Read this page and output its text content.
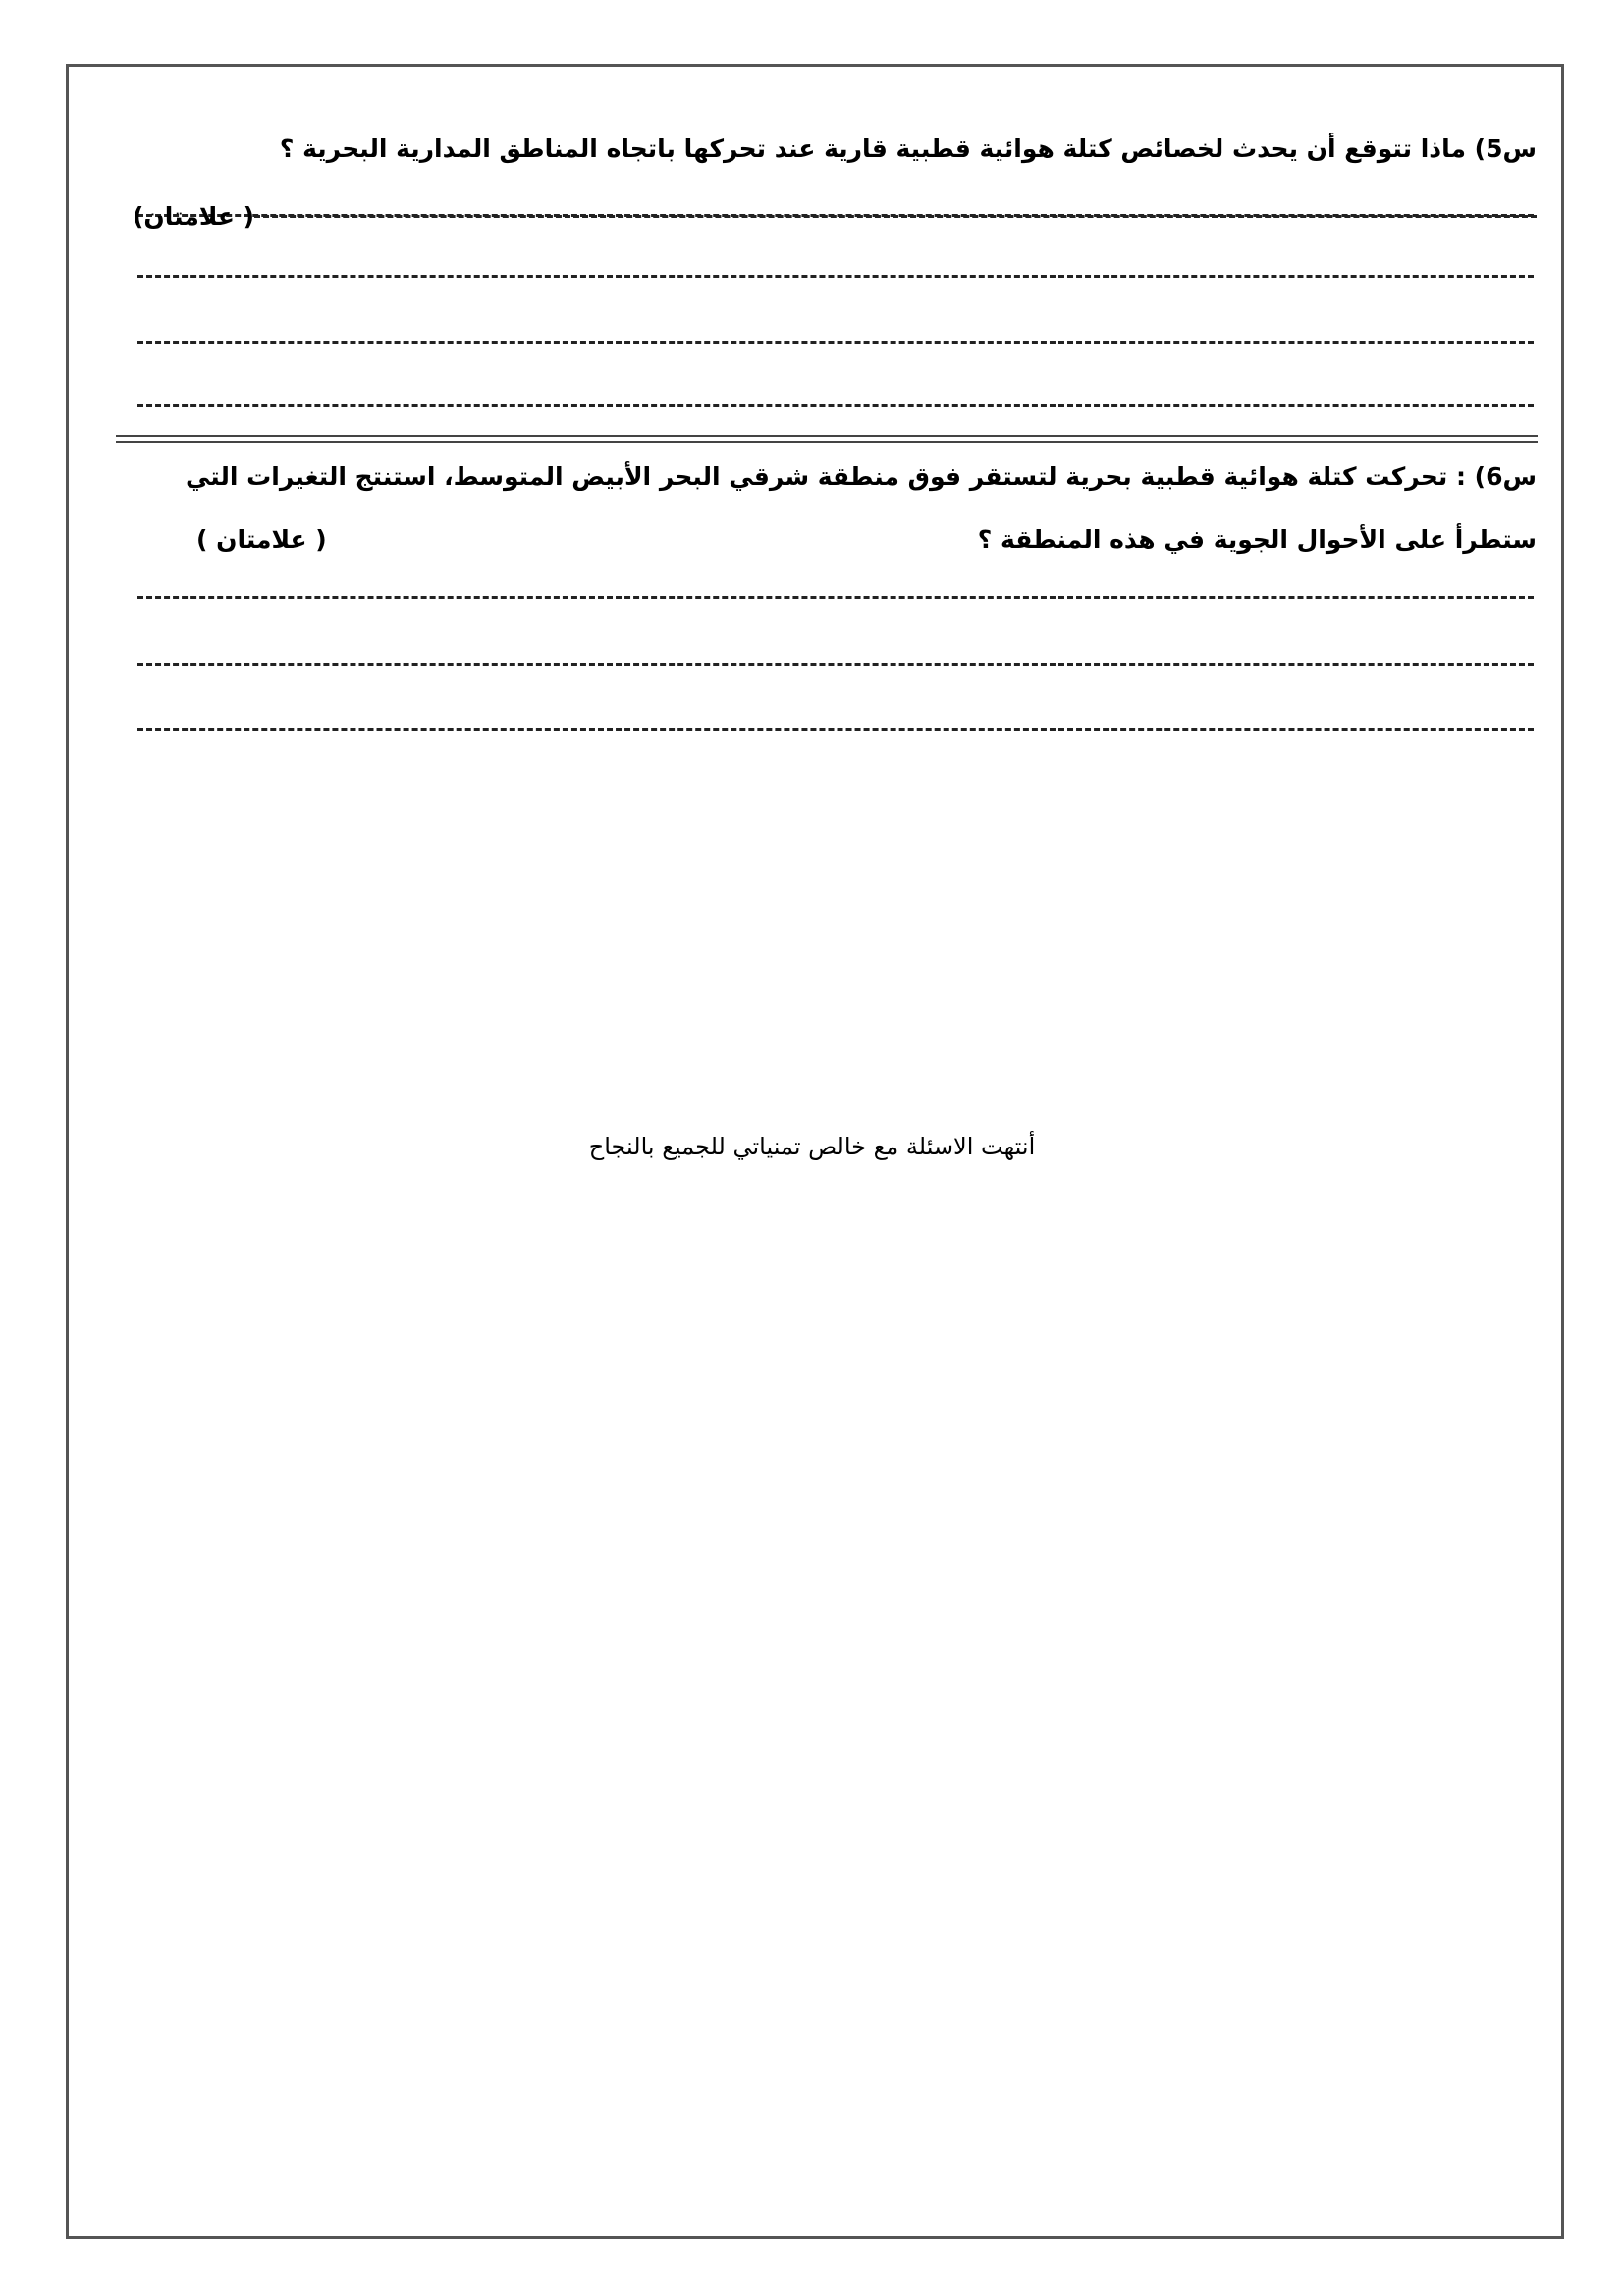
س5) ماذا تتوقع أن يحدث لخصائص كتلة هوائية قطبية قارية عند تحركها باتجاه المناطق المدارية البحرية ؟
( علامتان)
س6) : تحركت كتلة هوائية قطبية بحرية لتستقر فوق منطقة شرقي البحر الأبيض المتوسط، استنتج التغيرات التي
ستطرأ على الأحوال الجوية في هذه المنطقة ؟
( علامتان )
أنتهت الاسئلة مع خالص تمنياتي للجميع بالنجاح
